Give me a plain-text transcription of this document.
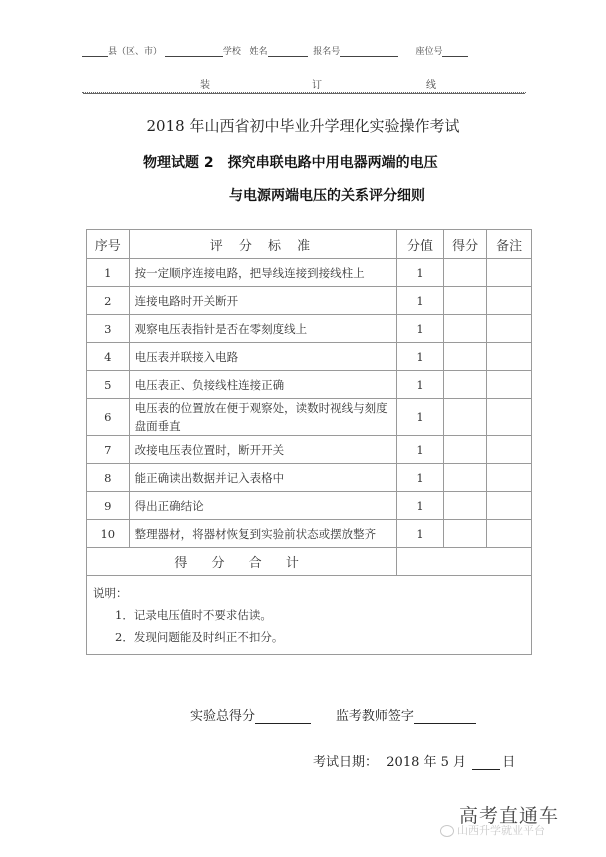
县（区、市）	学校 姓名	报名号	座位号
装	订	线
2018 年山西省初中毕业升学理化实验操作考试
物理试题 2　探究串联电路中用电器两端的电压
与电源两端电压的关系评分细则
序号	评 分 标 准	分值	得分	备注
1	按一定顺序连接电路，把导线连接到接线柱上	1		
2	连接电路时开关断开	1		
3	观察电压表指针是否在零刻度线上	1		
4	电压表并联接入电路	1		
5	电压表正、负接线柱连接正确	1		
6	电压表的位置放在便于观察处，读数时视线与刻度盘面垂直	1		
7	改接电压表位置时，断开开关	1		
8	能正确读出数据并记入表格中	1		
9	得出正确结论	1		
10	整理器材，将器材恢复到实验前状态或摆放整齐	1		
得 分 合 计				

说明：
1．记录电压值时不要求估读。
2．发现问题能及时纠正不扣分。				
实验总得分	监考教师签字
考试日期： 2018 年 5 月	日
高考直通车
山西升学就业平台
